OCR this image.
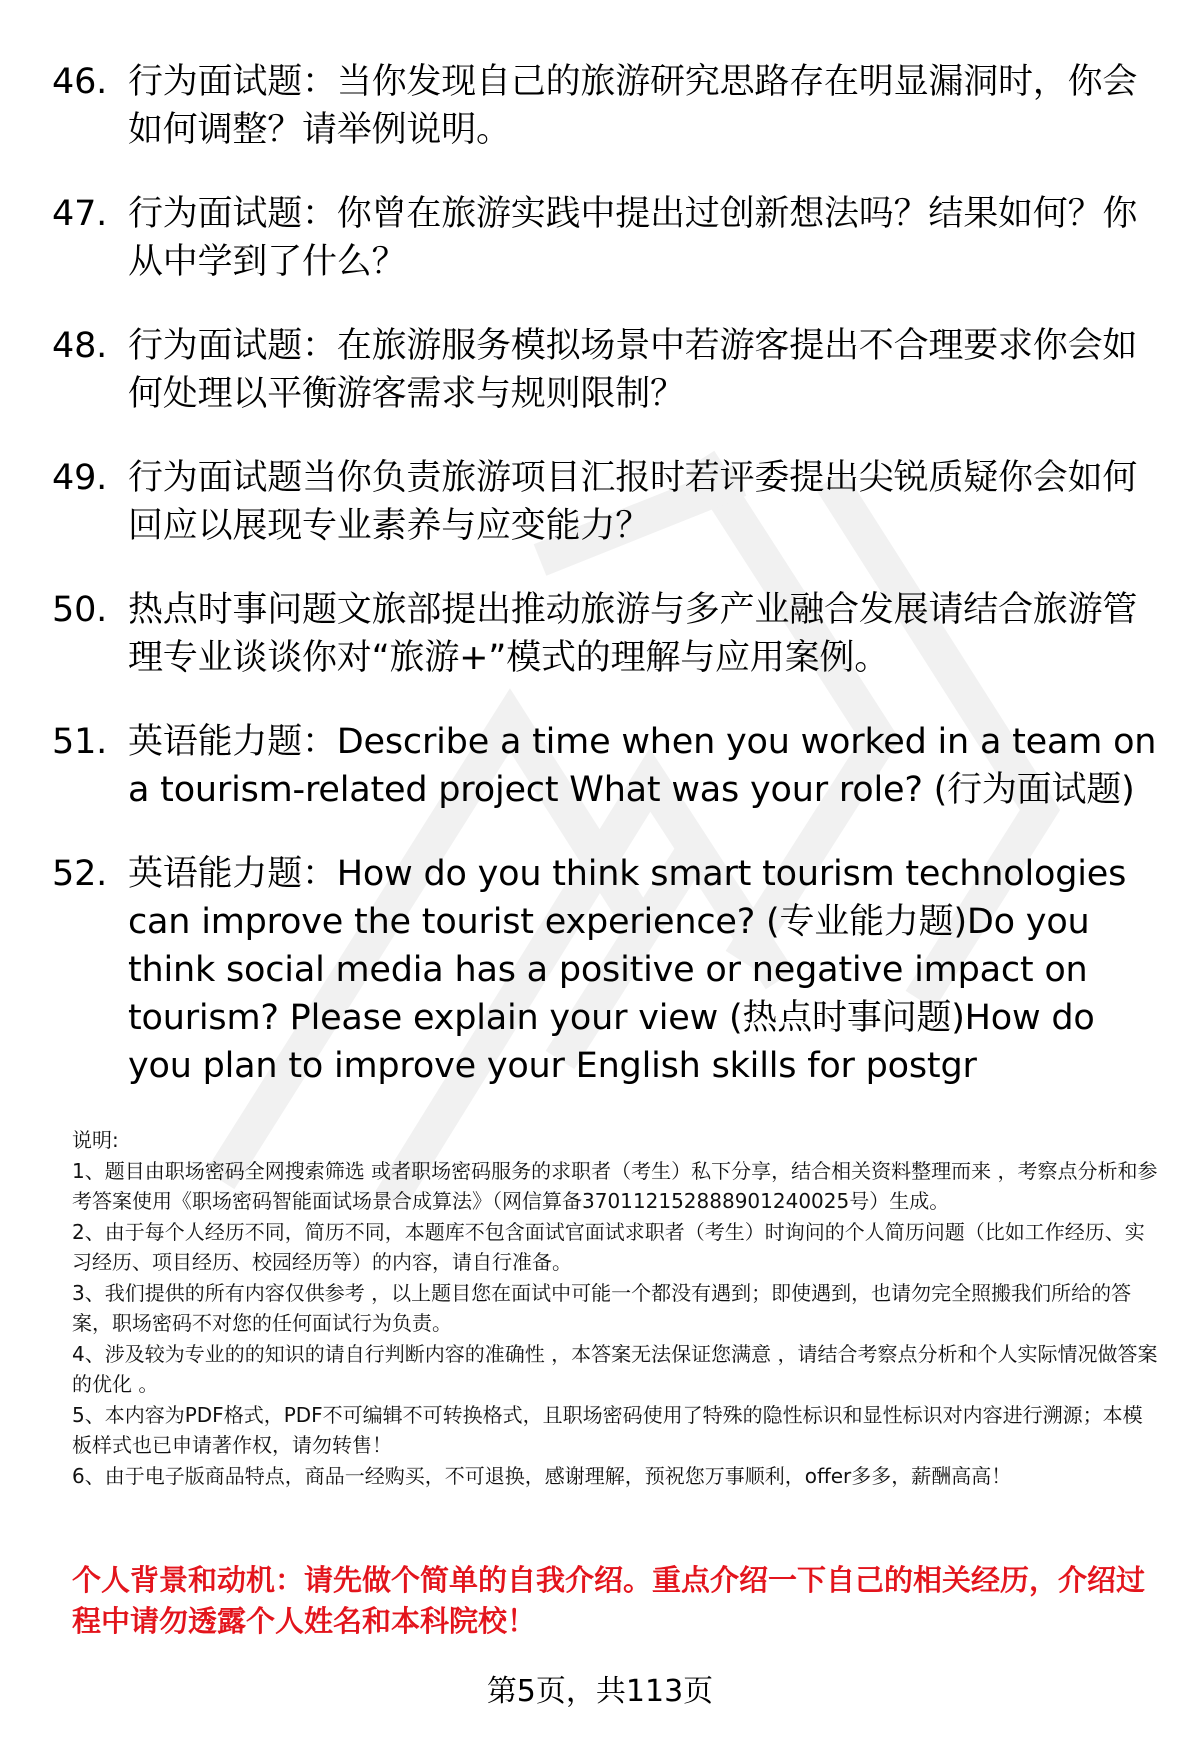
46. 行为面试题：当你发现自己的旅游研究思路存在明显漏洞时，你会如何调整？请举例说明。
47. 行为面试题：你曾在旅游实践中提出过创新想法吗？结果如何？你从中学到了什么？
48. 行为面试题：在旅游服务模拟场景中若游客提出不合理要求你会如何处理以平衡游客需求与规则限制？
49. 行为面试题当你负责旅游项目汇报时若评委提出尖锐质疑你会如何回应以展现专业素养与应变能力？
50. 热点时事问题文旅部提出推动旅游与多产业融合发展请结合旅游管理专业谈谈你对“旅游+”模式的理解与应用案例。
51. 英语能力题：Describe a time when you worked in a team on a tourism-related project What was your role? (行为面试题)
52. 英语能力题：How do you think smart tourism technologies can improve the tourist experience? (专业能力题)Do you think social media has a positive or negative impact on tourism? Please explain your view (热点时事问题)How do you plan to improve your English skills for postgr

说明:

1、题目由职场密码全网搜索筛选 或者职场密码服务的求职者（考生）私下分享，结合相关资料整理而来 ，考察点分析和参考答案使用《职场密码智能面试场景合成算法》（网信算备370112152888901240025号）生成。

2、由于每个人经历不同，简历不同，本题库不包含面试官面试求职者（考生）时询问的个人简历问题（比如工作经历、实习经历、项目经历、校园经历等）的内容，请自行准备。

3、我们提供的所有内容仅供参考 ，以上题目您在面试中可能一个都没有遇到；即使遇到，也请勿完全照搬我们所给的答案，职场密码不对您的任何面试行为负责。

4、涉及较为专业的的知识的请自行判断内容的准确性 ，本答案无法保证您满意 ，请结合考察点分析和个人实际情况做答案的优化 。

5、本内容为PDF格式，PDF不可编辑不可转换格式，且职场密码使用了特殊的隐性标识和显性标识对内容进行溯源；本模板样式也已申请著作权，请勿转售！

6、由于电子版商品特点，商品一经购买，不可退换，感谢理解，预祝您万事顺利，offer多多，薪酬高高！

个人背景和动机：请先做个简单的自我介绍。重点介绍一下自己的相关经历，介绍过程中请勿透露个人姓名和本科院校！
第5页，共113页
